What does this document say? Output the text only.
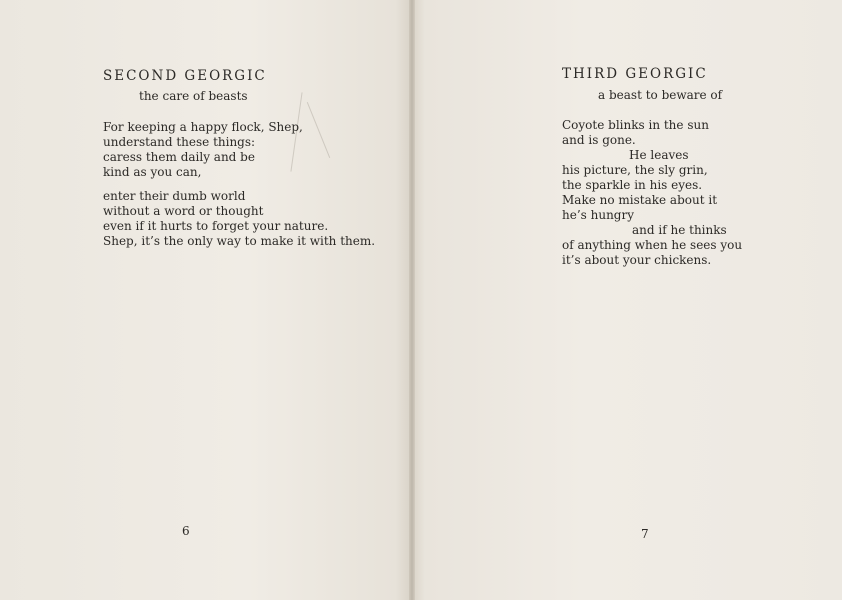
SECOND GEORGIC
the care of beasts
For keeping a happy flock, Shep,
understand these things:
caress them daily and be
kind as you can,
enter their dumb world
without a word or thought
even if it hurts to forget your nature.
Shep, it’s the only way to make it with them.
6
THIRD GEORGIC
a beast to beware of
Coyote blinks in the sun
and is gone.
He leaves
his picture, the sly grin,
the sparkle in his eyes.
Make no mistake about it
he’s hungry
and if he thinks
of anything when he sees you
it’s about your chickens.
7
